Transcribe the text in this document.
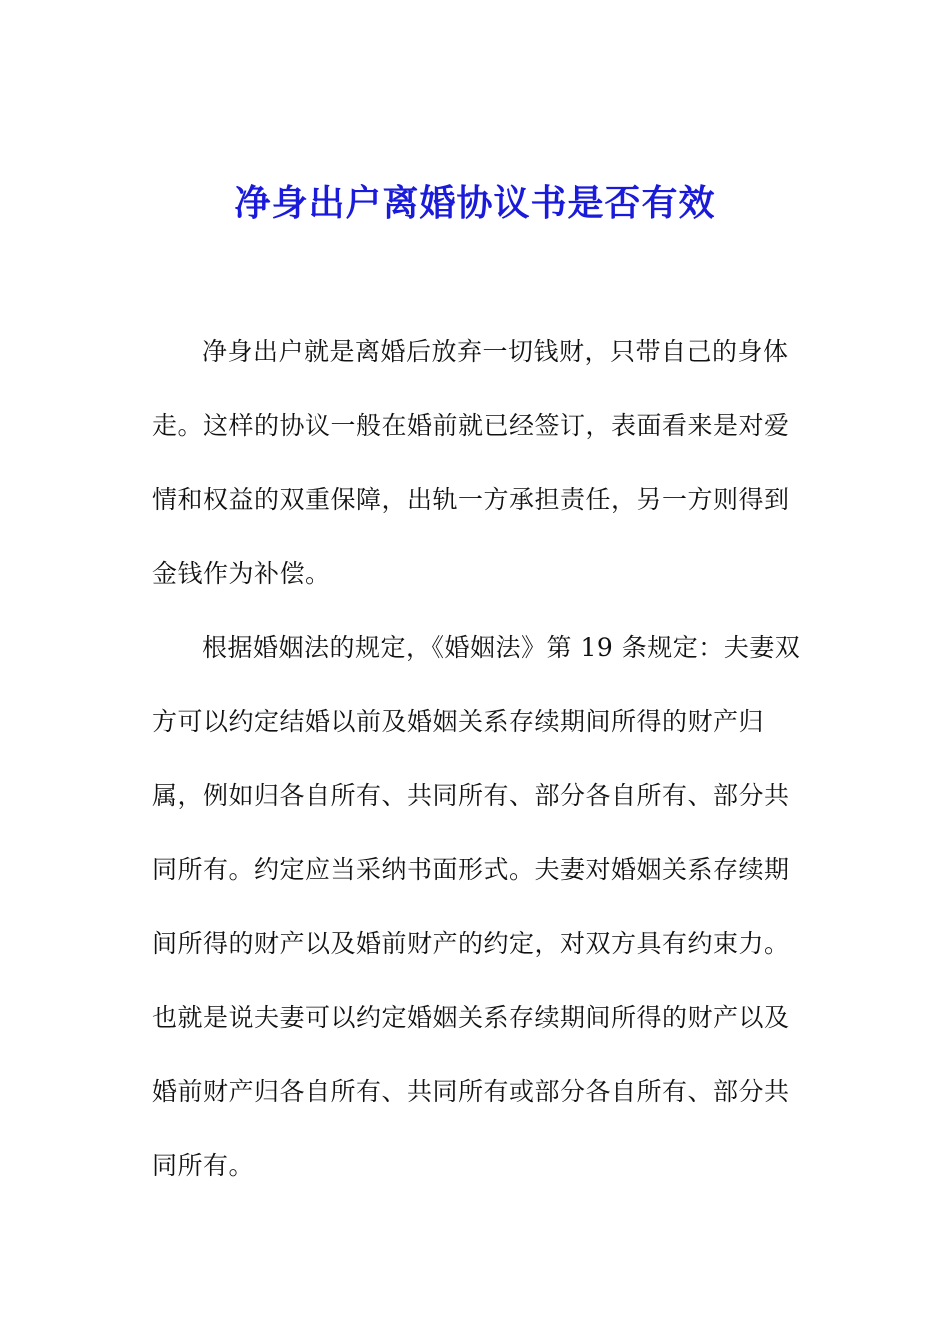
净身出户离婚协议书是否有效
净身出户就是离婚后放弃一切钱财，只带自己的身体
走。这样的协议一般在婚前就已经签订，表面看来是对爱
情和权益的双重保障，出轨一方承担责任，另一方则得到
金钱作为补偿。
根据婚姻法的规定，《婚姻法》第 19 条规定：夫妻双
方可以约定结婚以前及婚姻关系存续期间所得的财产归
属，例如归各自所有、共同所有、部分各自所有、部分共
同所有。约定应当采纳书面形式。夫妻对婚姻关系存续期
间所得的财产以及婚前财产的约定，对双方具有约束力。
也就是说夫妻可以约定婚姻关系存续期间所得的财产以及
婚前财产归各自所有、共同所有或部分各自所有、部分共
同所有。
